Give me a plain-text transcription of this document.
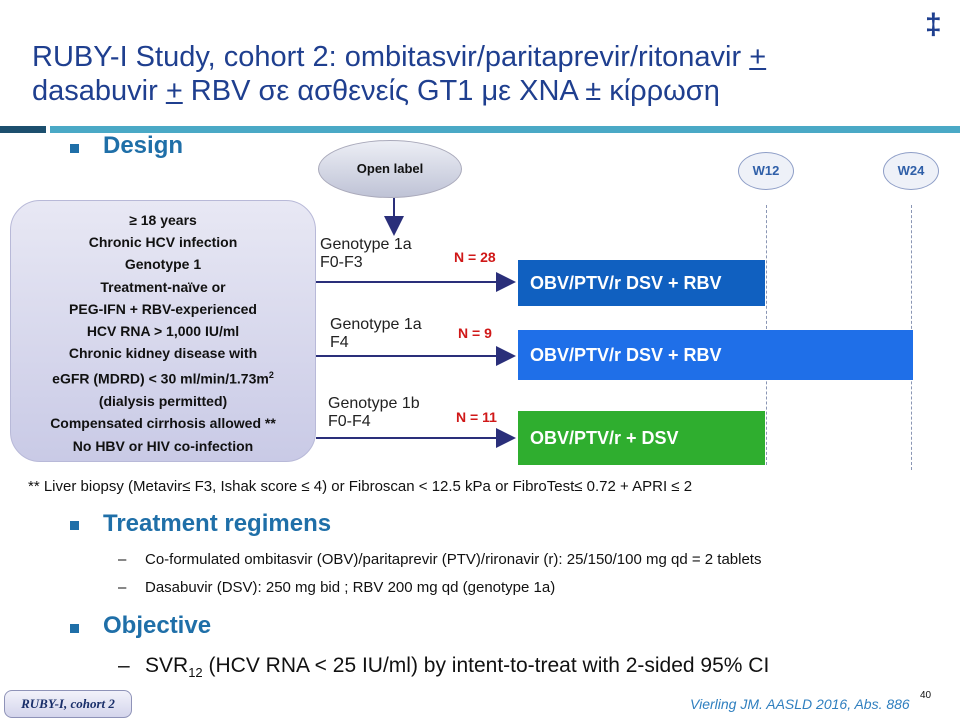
RUBY-I Study, cohort 2: ombitasvir/paritaprevir/ritonavir +
dasabuvir + RBV σε ασθενείς GT1 με ΧΝΑ ± κίρρωση
‡
Design
≥ 18 years
Chronic HCV infection
Genotype 1
Treatment-naïve or
PEG-IFN + RBV-experienced
HCV RNA > 1,000 IU/ml
Chronic kidney disease with
eGFR (MDRD) < 30 $ml/\min/1.73m^2$
(dialysis permitted)
Compensated cirrhosis allowed **
No HBV or HIV co-infection
Open label	W12	W24
Genotype 1a
F0-F3	N = 28
OBV/PTV/r DSV + RBV
Genotype 1a
F4
N = 9
OBV/PTV/r DSV + RBV
Genotype 1b
F0-F4	N = 11
OBV/PTV/r + DSV
** Liver biopsy (Metavir≤ F3, Ishak score ≤ 4) or Fibroscan < 12.5 kPa or FibroTest≤ 0.72 + APRI ≤ 2
Treatment regimens
– Co-formulated ombitasvir (OBV)/paritaprevir (PTV)/rironavir (r): 25/150/100 mg qd = 2 tablets
– Dasabuvir (DSV): 250 mg bid ; RBV 200 mg qd (genotype 1a)
Objective
– $SVR_{12}$ (HCV RNA < 25 IU/ml) by intent-to-treat with 2-sided 95% CI
RUBY-I, cohort 2	Vierling JM. AASLD 2016, Abs. 886
40
